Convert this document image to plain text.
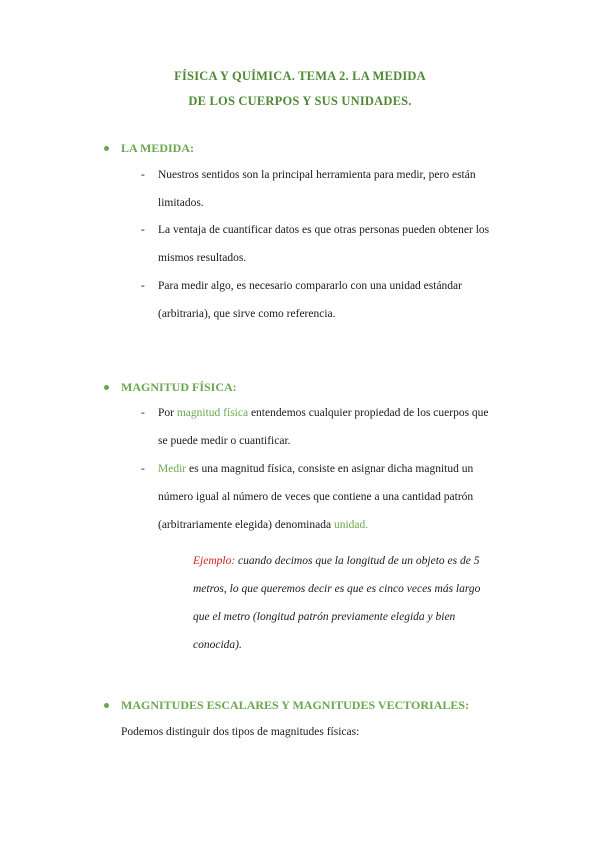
FÍSICA Y QUÍMICA. TEMA 2. LA MEDIDA
DE LOS CUERPOS Y SUS UNIDADES.
LA MEDIDA:
- Nuestros sentidos son la principal herramienta para medir, pero están
limitados.
- La ventaja de cuantificar datos es que otras personas pueden obtener los
mismos resultados.
- Para medir algo, es necesario compararlo con una unidad estándar
(arbitraria), que sirve como referencia.
MAGNITUD FÍSICA:
- Por magnitud física entendemos cualquier propiedad de los cuerpos que
se puede medir o cuantificar.
- Medir es una magnitud física, consiste en asignar dicha magnitud un
número igual al número de veces que contiene a una cantidad patrón
(arbitrariamente elegida) denominada unidad.
Ejemplo: cuando decimos que la longitud de un objeto es de 5
metros, lo que queremos decir es que es cinco veces más largo
que el metro (longitud patrón previamente elegida y bien
conocida).
MAGNITUDES ESCALARES Y MAGNITUDES VECTORIALES:
Podemos distinguir dos tipos de magnitudes físicas:
